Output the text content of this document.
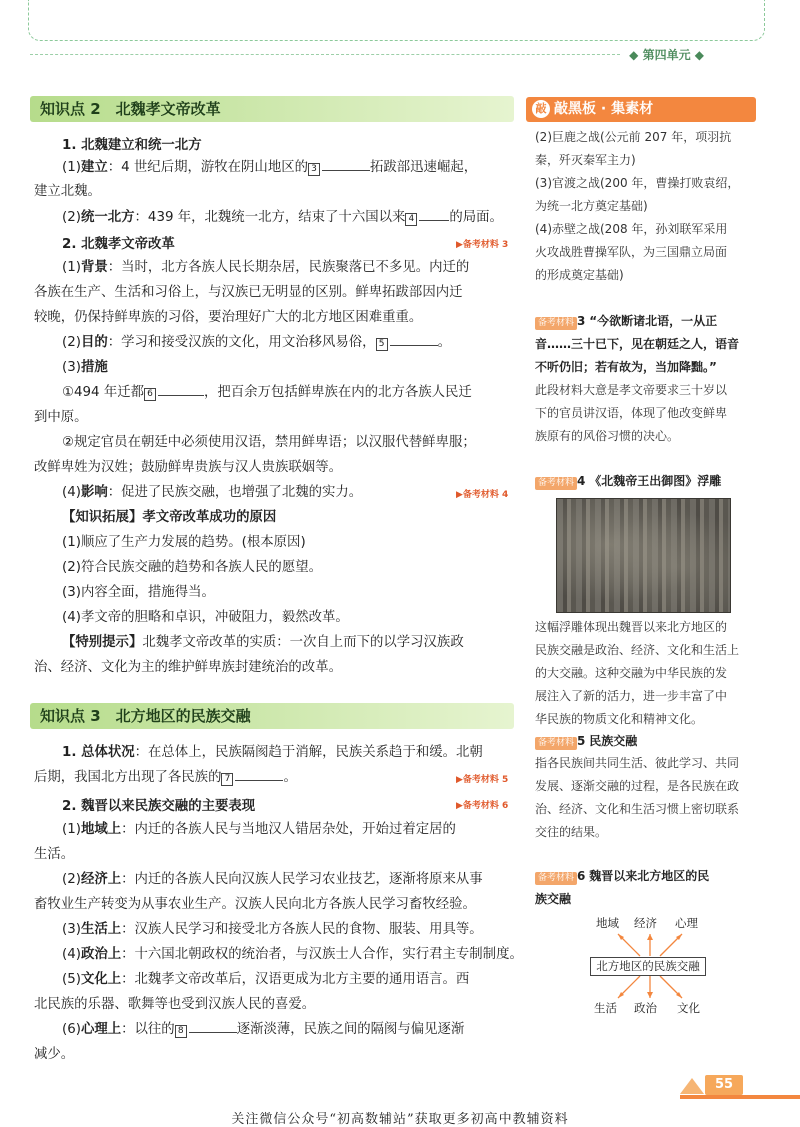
◆ 第四单元 ◆
知识点 2　北魏孝文帝改革
1. 北魏建立和统一北方
(1)建立：4 世纪后期，游牧在阴山地区的 3	拓跋部迅速崛起，
建立北魏。
(2)统一北方：439 年，北魏统一北方，结束了十六国以来 4	的局面。
2. 北魏孝文帝改革	▶备考材料 3
(1)背景：当时，北方各族人民长期杂居，民族聚落已不多见。内迁的
各族在生产、生活和习俗上，与汉族已无明显的区别。鲜卑拓跋部因内迁
较晚，仍保持鲜卑族的习俗，要治理好广大的北方地区困难重重。
(2)目的：学习和接受汉族的文化，用文治移风易俗， 5	。
(3)措施
①494 年迁都 6	，把百余万包括鲜卑族在内的北方各族人民迁
到中原。
②规定官员在朝廷中必须使用汉语，禁用鲜卑语；以汉服代替鲜卑服；
改鲜卑姓为汉姓；鼓励鲜卑贵族与汉人贵族联姻等。
(4)影响：促进了民族交融，也增强了北魏的实力。	▶备考材料 4
【知识拓展】孝文帝改革成功的原因
(1)顺应了生产力发展的趋势。(根本原因)
(2)符合民族交融的趋势和各族人民的愿望。
(3)内容全面，措施得当。
(4)孝文帝的胆略和卓识，冲破阻力，毅然改革。
【特别提示】北魏孝文帝改革的实质：一次自上而下的以学习汉族政
治、经济、文化为主的维护鲜卑族封建统治的改革。
知识点 3　北方地区的民族交融
1. 总体状况：在总体上，民族隔阂趋于消解，民族关系趋于和缓。北朝
后期，我国北方出现了各民族的 7	。	▶备考材料 5
2. 魏晋以来民族交融的主要表现	▶备考材料 6
(1)地域上：内迁的各族人民与当地汉人错居杂处，开始过着定居的
生活。
(2)经济上：内迁的各族人民向汉族人民学习农业技艺，逐渐将原来从事
畜牧业生产转变为从事农业生产。汉族人民向北方各族人民学习畜牧经验。
(3)生活上：汉族人民学习和接受北方各族人民的食物、服装、用具等。
(4)政治上：十六国北朝政权的统治者，与汉族士人合作，实行君主专制制度。
(5)文化上：北魏孝文帝改革后，汉语更成为北方主要的通用语言。西
北民族的乐器、歌舞等也受到汉族人民的喜爱。
(6)心理上：以往的 8	逐渐淡薄，民族之间的隔阂与偏见逐渐
减少。
敲 敲黑板 · 集素材
(2)巨鹿之战(公元前 207 年，项羽抗
秦，歼灭秦军主力)
(3)官渡之战(200 年，曹操打败袁绍，
为统一北方奠定基础)
(4)赤壁之战(208 年，孙刘联军采用
火攻战胜曹操军队，为三国鼎立局面
的形成奠定基础)
备考材料 3 “今欲断诸北语，一从正
音……三十已下，见在朝廷之人，语音
不听仍旧；若有故为，当加降黜。”
此段材料大意是孝文帝要求三十岁以
下的官员讲汉语，体现了他改变鲜卑
族原有的风俗习惯的决心。
备考材料 4 《北魏帝王出御图》浮雕
这幅浮雕体现出魏晋以来北方地区的
民族交融是政治、经济、文化和生活上
的大交融。这种交融为中华民族的发
展注入了新的活力，进一步丰富了中
华民族的物质文化和精神文化。
备考材料 5 民族交融
指各民族间共同生活、彼此学习、共同
发展、逐渐交融的过程，是各民族在政
治、经济、文化和生活习惯上密切联系
交往的结果。
备考材料 6 魏晋以来北方地区的民
族交融
地域 经济 心理
北方地区的民族交融
生活 政治 文化
55
关注微信公众号“初高数辅站”获取更多初高中教辅资料
